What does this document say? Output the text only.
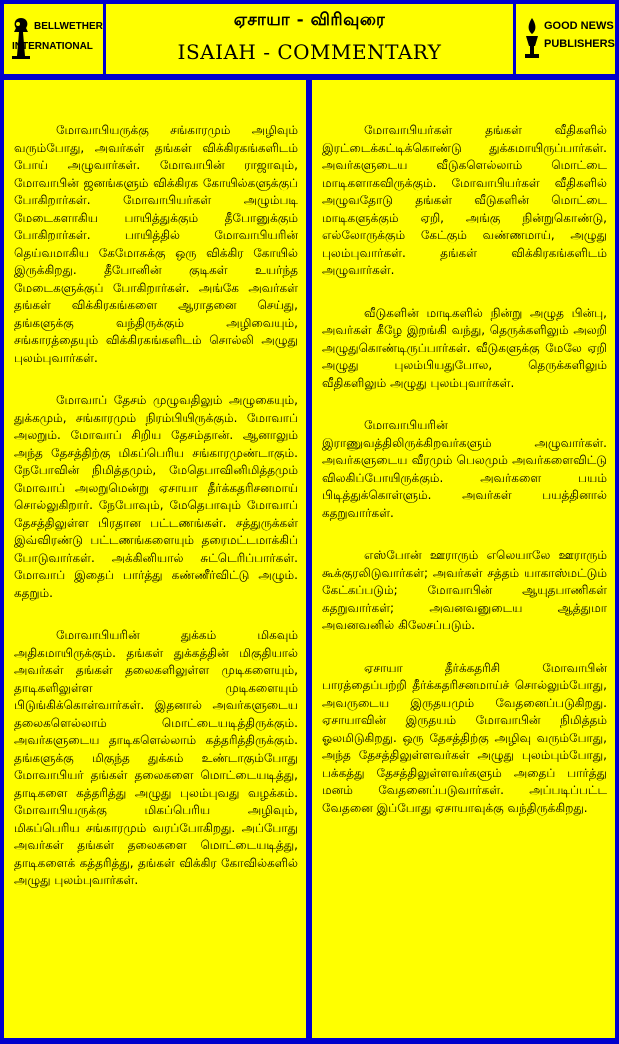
BELLWETHER
INTERNATIONAL
ஏசாயா - விரிவுரை
ISAIAH - COMMENTARY
GOOD NEWS
PUBLISHERS

மோவாபியருக்கு சங்காரமும் அழிவும் வரும்போது, அவர்கள் தங்கள் விக்கிரகங்களிடம் போய் அழுவார்கள். மோவாபின் ராஜாவும், மோவாபின் ஜனங்களும் விக்கிரக கோயில்களுக்குப் போகிறார்கள். மோவாபியர்கள் அழும்படி மேடைகளாகிய பாயித்துக்கும் தீபோனுக்கும் போகிறார்கள். பாயித்தில் மோவாபியரின் தெய்வமாகிய கேமோசுக்கு ஒரு விக்கிர கோயில் இருக்கிறது. தீபோனின் குடிகள் உயர்ந்த மேடைகளுக்குப் போகிறார்கள். அங்கே அவர்கள் தங்கள் விக்கிரகங்களை ஆராதனை செய்து, தங்களுக்கு வந்திருக்கும் அழிவையும், சங்காரத்தையும் விக்கிரகங்களிடம் சொல்லி அழுது புலம்புவார்கள்.

மோவாப் தேசம் முழுவதிலும் அழுகையும், துக்கமும், சங்காரமும் நிரம்பியிருக்கும். மோவாப் அலறும். மோவாப் சிறிய தேசம்தான். ஆனாலும் அந்த தேசத்திற்கு மிகப்பெரிய சங்காரமுண்டாகும். நேபோவின் நிமித்தமும், மேதெபாவினிமித்தமும் மோவாப் அலறுமென்று ஏசாயா தீர்க்கதரிசனமாய் சொல்லுகிறார். நேபோவும், மேதெபாவும் மோவாப் தேசத்திலுள்ள பிரதான பட்டணங்கள். சத்துருக்கள் இவ்விரண்டு பட்டணங்களையும் தரைமட்டமாக்கிப் போடுவார்கள். அக்கினியால் சுட்டெரிப்பார்கள். மோவாப் இதைப் பார்த்து கண்ணீர்விட்டு அழும். கதறும்.

மோவாபியரின் துக்கம் மிகவும் அதிகமாயிருக்கும். தங்கள் துக்கத்தின் மிகுதியால் அவர்கள் தங்கள் தலைகளிலுள்ள முடிகளையும், தாடிகளிலுள்ள முடிகளையும் பிடுங்கிக்கொள்வார்கள். இதனால் அவர்களுடைய தலைகளெல்லாம் மொட்டையடித்திருக்கும். அவர்களுடைய தாடிகளெல்லாம் கத்தரித்திருக்கும். தங்களுக்கு மிகுந்த துக்கம் உண்டாகும்போது மோவாபியர் தங்கள் தலைகளை மொட்டையடித்து, தாடிகளை கத்தரித்து அழுது புலம்புவது வழக்கம். மோவாபியருக்கு மிகப்பெரிய அழிவும், மிகப்பெரிய சங்காரமும் வரப்போகிறது. அப்போது அவர்கள் தங்கள் தலைகளை மொட்டையடித்து, தாடிகளைக் கத்தரித்து, தங்கள் விக்கிர கோவில்களில் அழுது புலம்புவார்கள்.

மோவாபியர்கள் தங்கள் வீதிகளில் இரட்டைக்கட்டிக்கொண்டு துக்கமாயிருப்பார்கள். அவர்களுடைய வீடுகளெல்லாம் மொட்டை மாடிகளாகவிருக்கும். மோவாபியர்கள் வீதிகளில் அழுவதோடு தங்கள் வீடுகளின் மொட்டை மாடிகளுக்கும் ஏறி, அங்கு நின்றுகொண்டு, எல்லோருக்கும் கேட்கும் வண்ணமாய், அழுது புலம்புவார்கள். தங்கள் விக்கிரகங்களிடம் அழுவார்கள்.

வீடுகளின் மாடிகளில் நின்று அழுத பின்பு, அவர்கள் கீழே இறங்கி வந்து, தெருக்களிலும் அலறி அழுதுகொண்டிருப்பார்கள். வீடுகளுக்கு மேலே ஏறி அழுது புலம்பியதுபோல, தெருக்களிலும் வீதிகளிலும் அழுது புலம்புவார்கள்.

மோவாபியரின் இராணுவத்திலிருக்கிறவர்களும் அழுவார்கள். அவர்களுடைய வீரமும் பெலமும் அவர்களைவிட்டு விலகிப்போயிருக்கும். அவர்களை பயம் பிடித்துக்கொள்ளும். அவர்கள் பயத்தினால் கதறுவார்கள்.

எஸ்போன் ஊராரும் எலெயாலே ஊராரும் கூக்குரலிடுவார்கள்; அவர்கள் சத்தம் யாகாஸ்மட்டும் கேட்கப்படும்; மோவாபின் ஆயுதபாணிகள் கதறுவார்கள்; அவனவனுடைய ஆத்துமா அவனவனில் கிலேசப்படும்.

ஏசாயா தீர்க்கதரிசி மோவாபின் பாரத்தைப்பற்றி தீர்க்கதரிசனமாய்ச் சொல்லும்போது, அவருடைய இருதயமும் வேதனைப்படுகிறது. ஏசாயாவின் இருதயம் மோவாபின் நிமித்தம் ஓலமிடுகிறது. ஒரு தேசத்திற்கு அழிவு வரும்போது, அந்த தேசத்திலுள்ளவர்கள் அழுது புலம்பும்போது, பக்கத்து தேசத்திலுள்ளவர்களும் அதைப் பார்த்து மனம் வேதனைப்படுவார்கள். அப்படிப்பட்ட வேதனை இப்போது ஏசாயாவுக்கு வந்திருக்கிறது.
